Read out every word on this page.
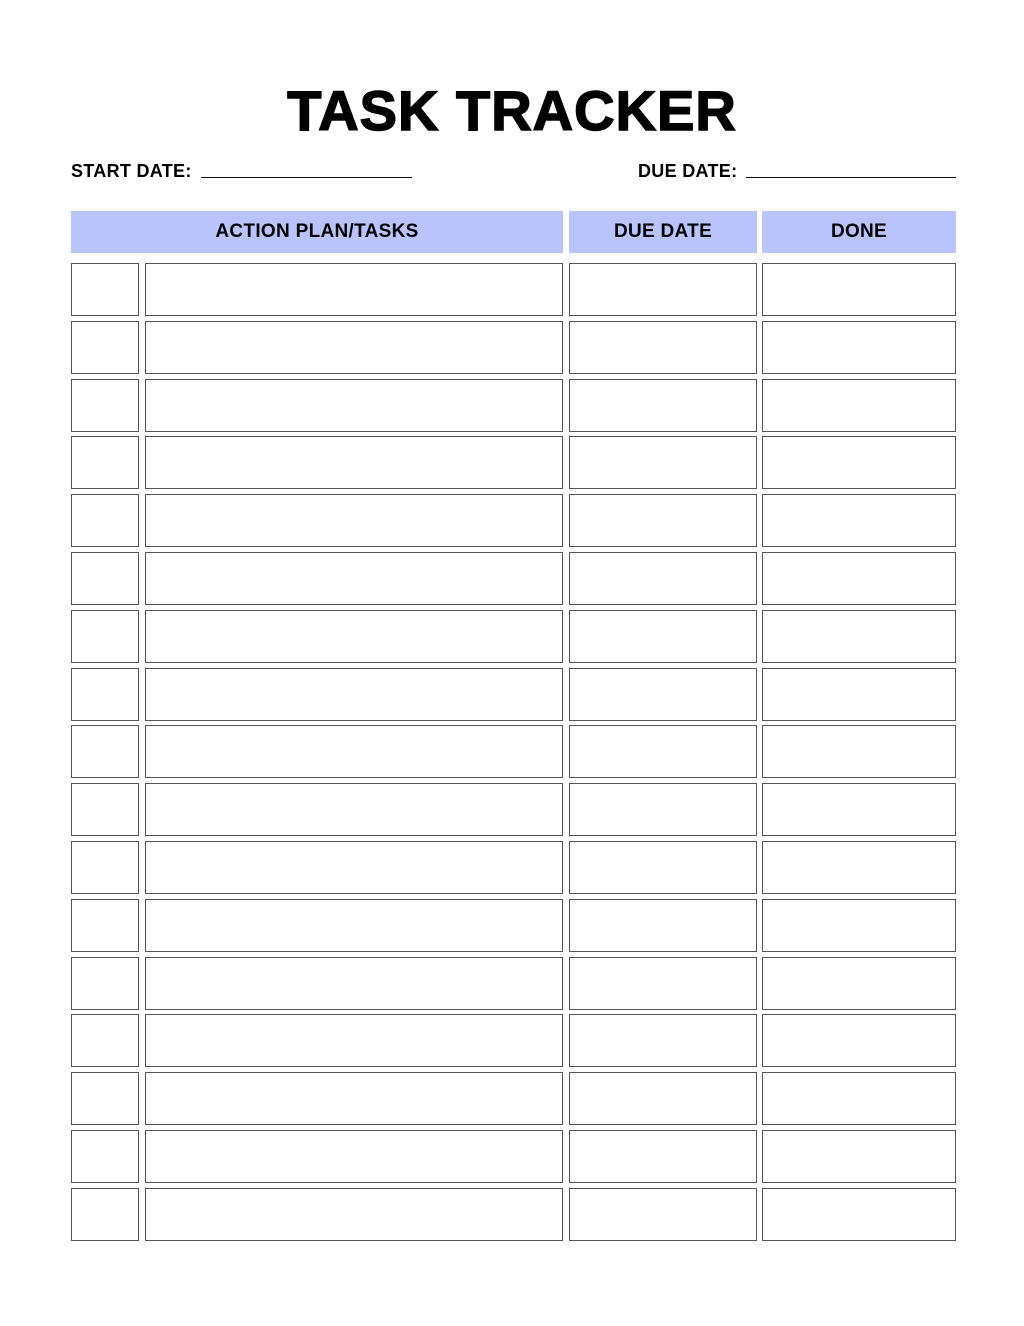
TASK TRACKER
START DATE:	DUE DATE:
ACTION PLAN/TASKS	DUE DATE	DONE
